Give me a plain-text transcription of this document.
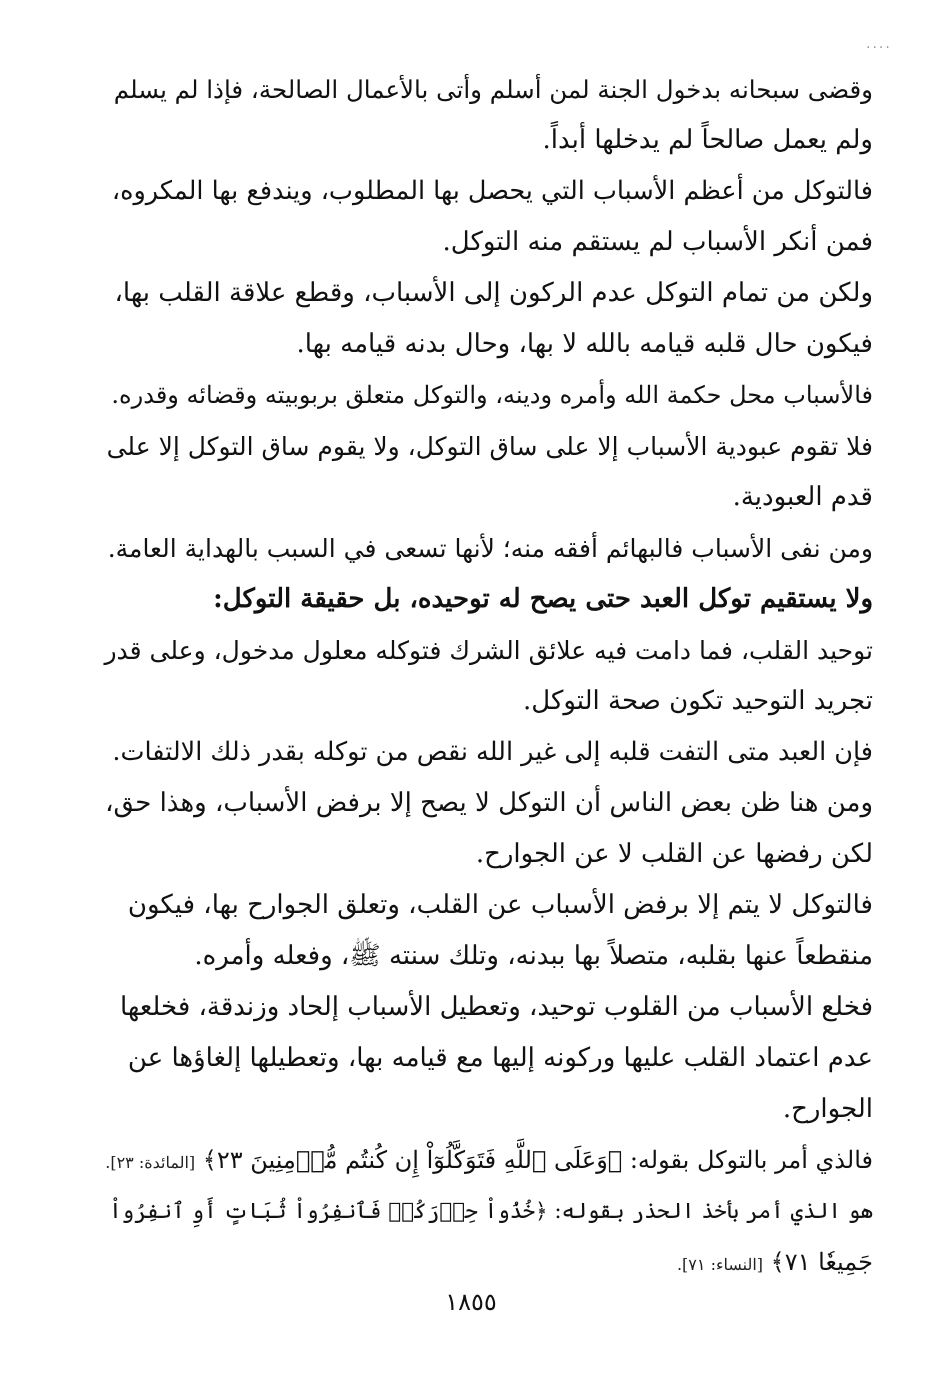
....
وقضى سبحانه بدخول الجنة لمن أسلم وأتى بالأعمال الصالحة، فإذا لم يسلم
ولم يعمل صالحاً لم يدخلها أبداً.
فالتوكل من أعظم الأسباب التي يحصل بها المطلوب، ويندفع بها المكروه،
فمن أنكر الأسباب لم يستقم منه التوكل.
ولكن من تمام التوكل عدم الركون إلى الأسباب، وقطع علاقة القلب بها،
فيكون حال قلبه قيامه بالله لا بها، وحال بدنه قيامه بها.
فالأسباب محل حكمة الله وأمره ودينه، والتوكل متعلق بربوبيته وقضائه وقدره.
فلا تقوم عبودية الأسباب إلا على ساق التوكل، ولا يقوم ساق التوكل إلا على
قدم العبودية.
ومن نفى الأسباب فالبهائم أفقه منه؛ لأنها تسعى في السبب بالهداية العامة.
ولا يستقيم توكل العبد حتى يصح له توحيده، بل حقيقة التوكل:
توحيد القلب، فما دامت فيه علائق الشرك فتوكله معلول مدخول، وعلى قدر
تجريد التوحيد تكون صحة التوكل.
فإن العبد متى التفت قلبه إلى غير الله نقص من توكله بقدر ذلك الالتفات.
ومن هنا ظن بعض الناس أن التوكل لا يصح إلا برفض الأسباب، وهذا حق،
لكن رفضها عن القلب لا عن الجوارح.
فالتوكل لا يتم إلا برفض الأسباب عن القلب، وتعلق الجوارح بها، فيكون
منقطعاً عنها بقلبه، متصلاً بها ببدنه، وتلك سنته ﷺ، وفعله وأمره.
فخلع الأسباب من القلوب توحيد، وتعطيل الأسباب إلحاد وزندقة، فخلعها
عدم اعتماد القلب عليها وركونه إليها مع قيامه بها، وتعطيلها إلغاؤها عن
الجوارح.
فالذي أمر بالتوكل بقوله: ﴿وَعَلَى ٱللَّهِ فَتَوَكَّلُوٓاْ إِن كُنتُم مُّؤۡمِنِينَ ٢٣﴾ [المائدة: ٢٣].
هو الذي أمر بأخذ الحذر بقوله: ﴿خُذُواْ حِذۡرَكُمۡ فَٱنفِرُواْ ثُبَاتٍ أَوِ ٱنفِرُواْ
جَمِيعٗا ٧١﴾ [النساء: ٧١].
١٨٥٥
